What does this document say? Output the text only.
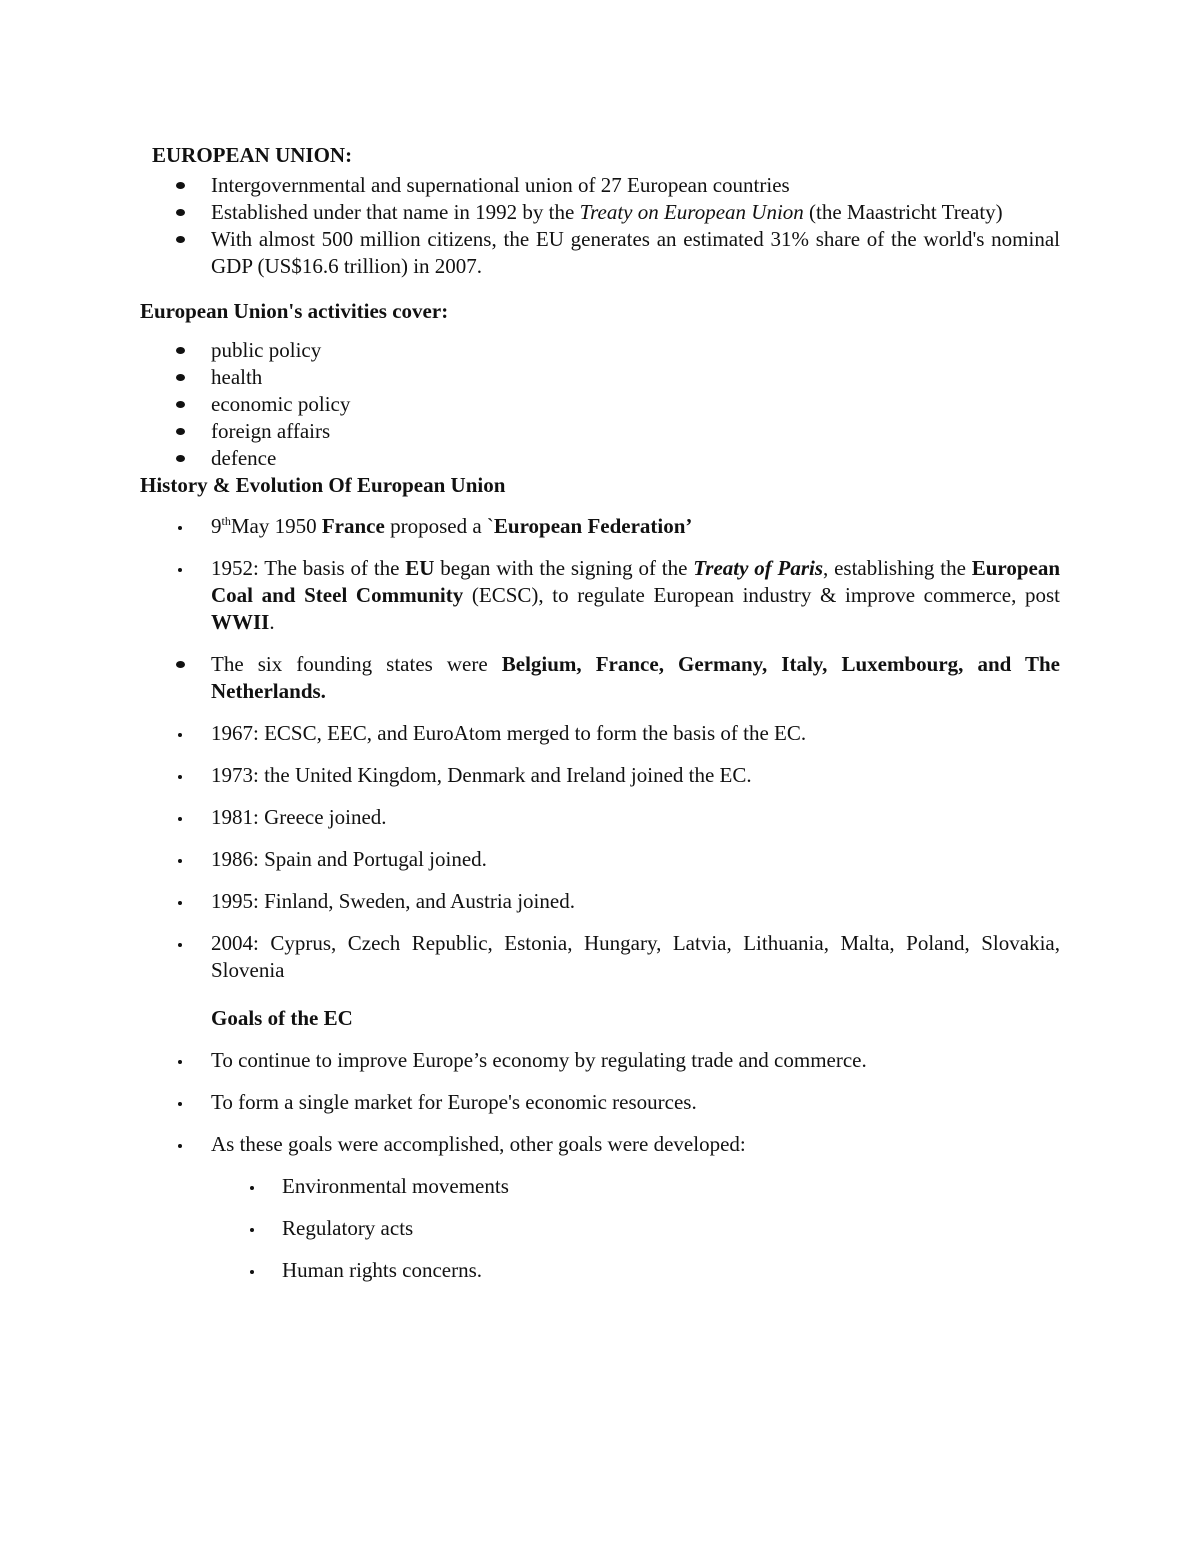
EUROPEAN UNION:

Intergovernmental and supernational union of 27 European countries
Established under that name in 1992 by the Treaty on European Union (the Maastricht Treaty)
With almost 500 million citizens, the EU generates an estimated 31% share of the world's nominal GDP (US$16.6 trillion) in 2007.

European Union's activities cover:

public policy
health
economic policy
foreign affairs
defence

History & Evolution Of European Union

9thMay 1950 France proposed a `European Federation’
1952: The basis of the EU began with the signing of the Treaty of Paris, establishing the European Coal and Steel Community (ECSC), to regulate European industry & improve commerce, post WWII.
The six founding states were Belgium, France, Germany, Italy, Luxembourg, and The Netherlands.
1967: ECSC, EEC, and EuroAtom merged to form the basis of the EC.
1973: the United Kingdom, Denmark and Ireland joined the EC.
1981: Greece joined.
1986: Spain and Portugal joined.
1995: Finland, Sweden, and Austria joined.
2004: Cyprus, Czech Republic, Estonia, Hungary, Latvia, Lithuania, Malta, Poland, Slovakia, Slovenia

Goals of the EC

To continue to improve Europe’s economy by regulating trade and commerce.
To form a single market for Europe's economic resources.
As these goals were accomplished, other goals were developed:
Environmental movements
Regulatory acts
Human rights concerns.
